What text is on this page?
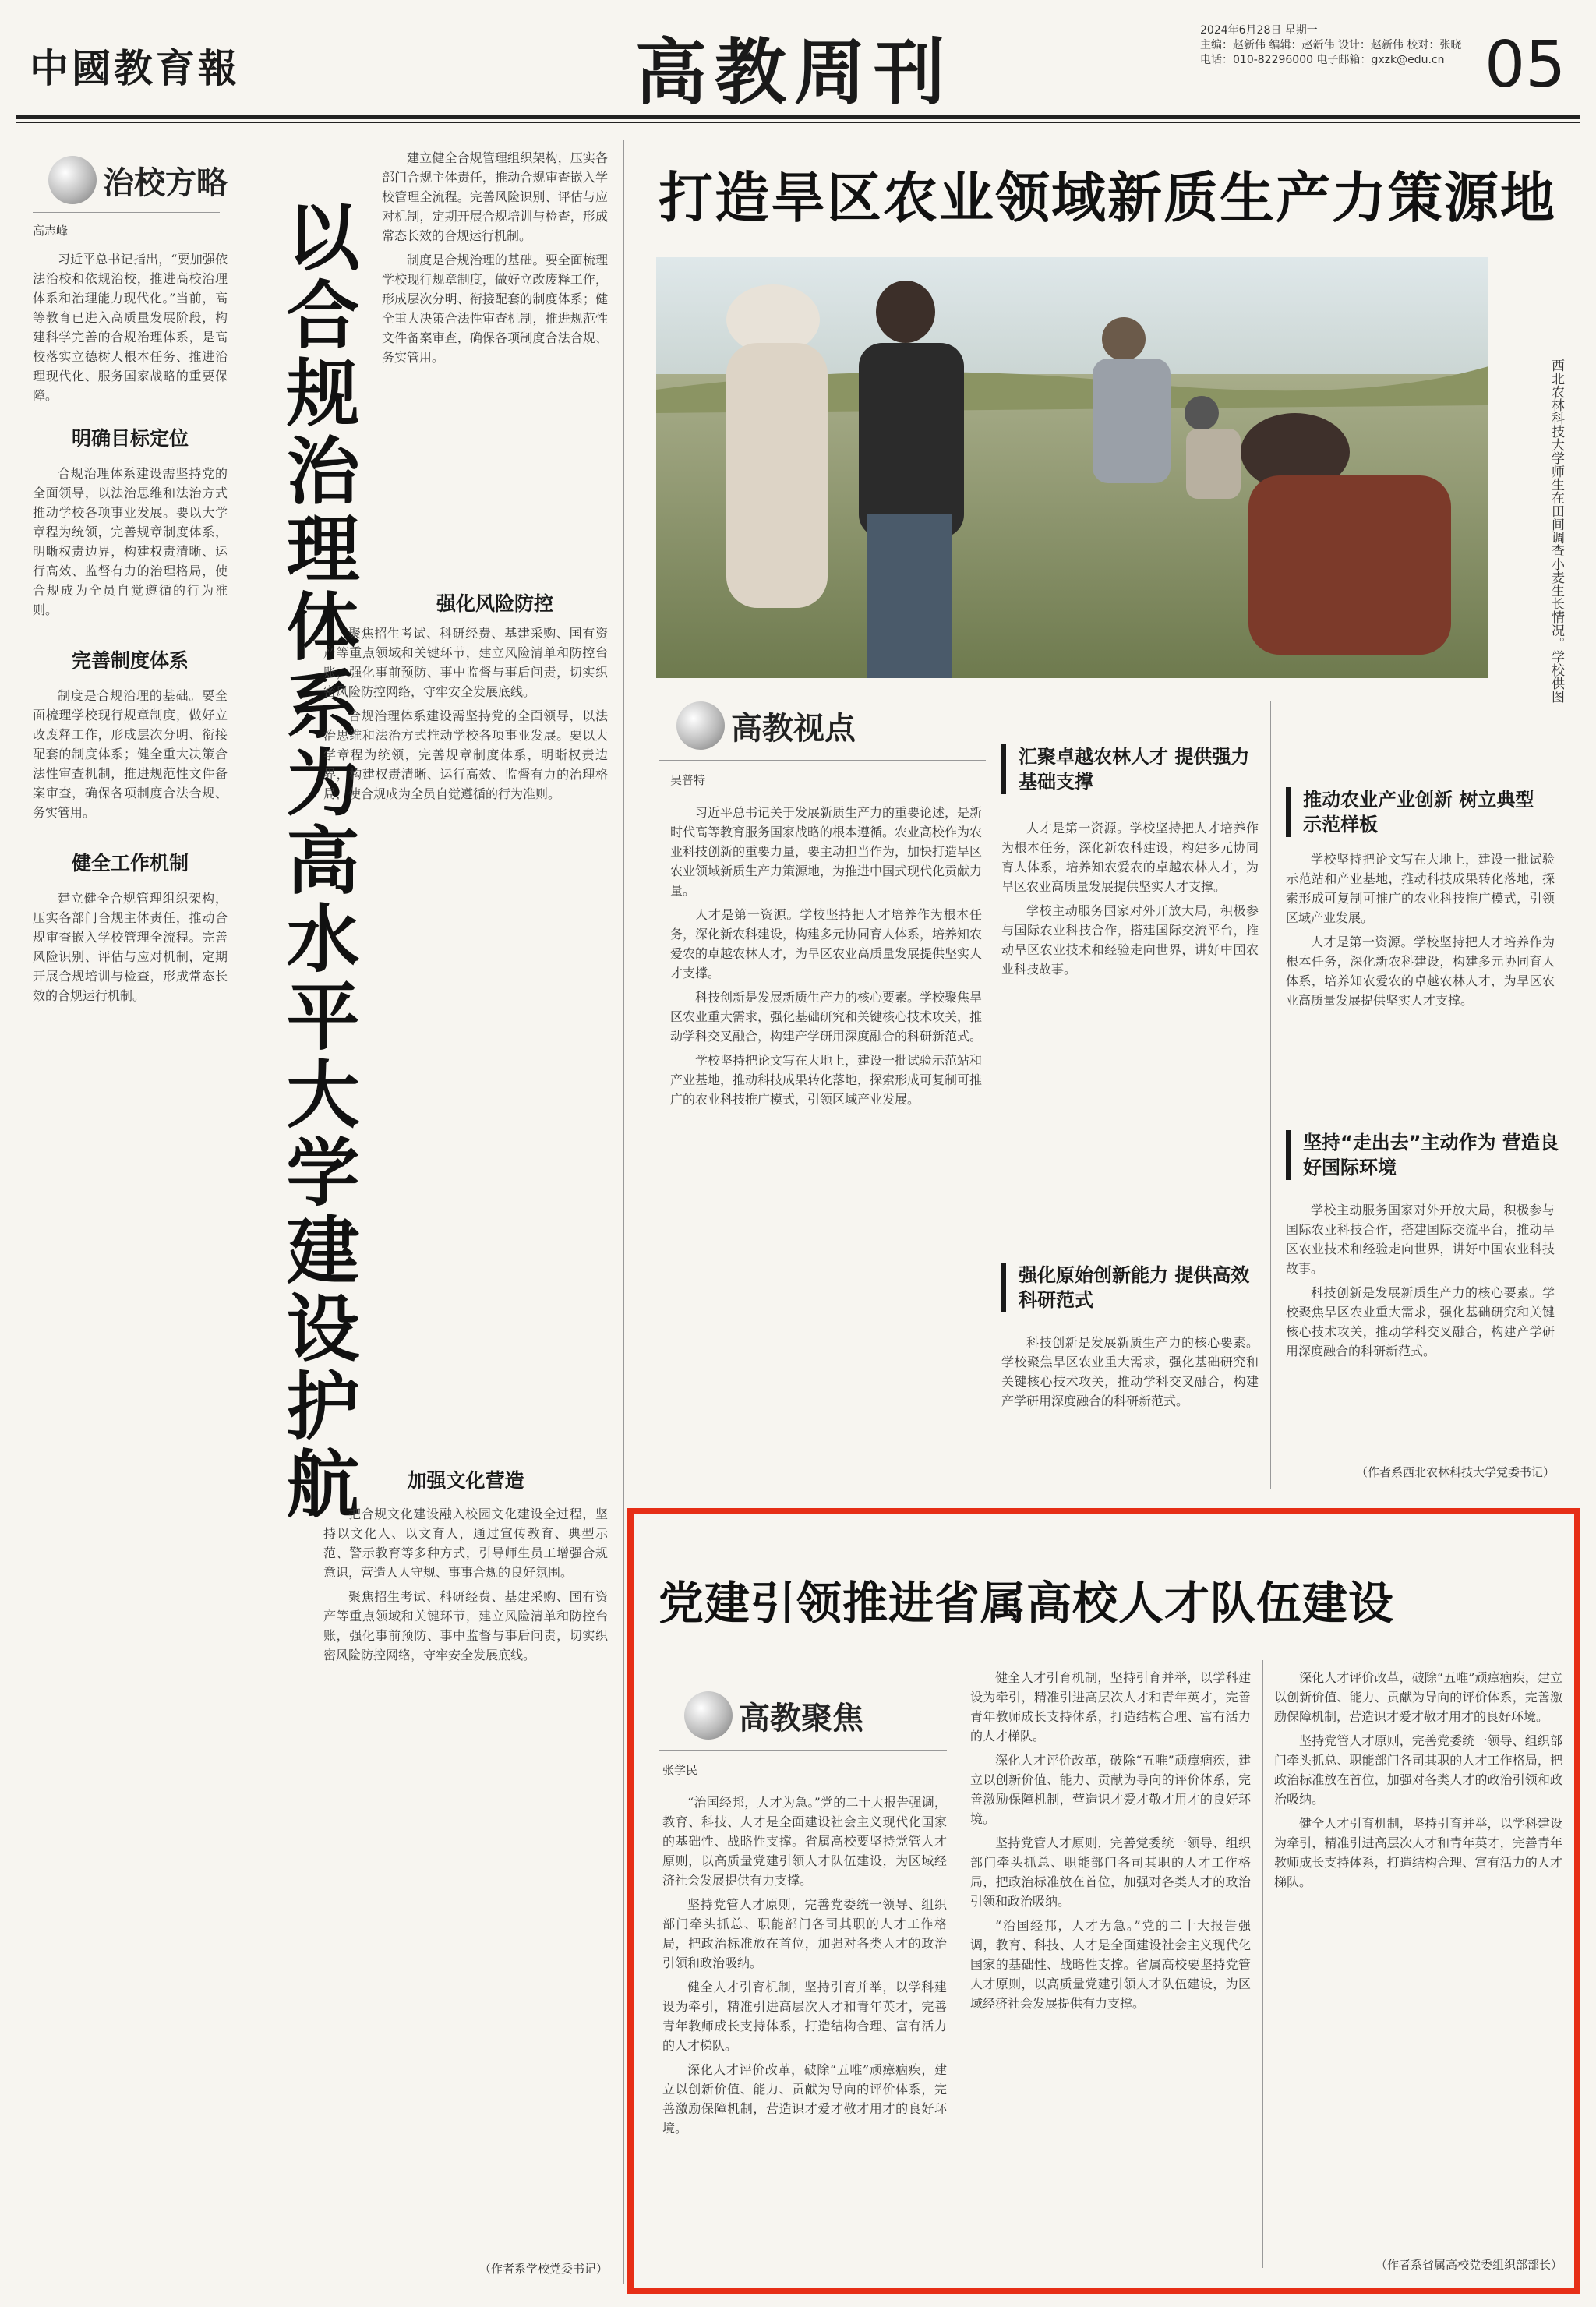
中國教育報	高教周刊
2024年6月28日 星期一
主编：赵新伟 编辑：赵新伟 设计：赵新伟 校对：张晓
电话：010-82296000 电子邮箱：gxzk@edu.cn 05
治校方略
高志峰	以合规治理体系为高水平大学建设护航

习近平总书记指出，“要加强依法治校和依规治校，推进高校治理体系和治理能力现代化。”当前，高等教育已进入高质量发展阶段，构建科学完善的合规治理体系，是高校落实立德树人根本任务、推进治理现代化、服务国家战略的重要保障。

明确目标定位

合规治理体系建设需坚持党的全面领导，以法治思维和法治方式推动学校各项事业发展。要以大学章程为统领，完善规章制度体系，明晰权责边界，构建权责清晰、运行高效、监督有力的治理格局，使合规成为全员自觉遵循的行为准则。

完善制度体系

制度是合规治理的基础。要全面梳理学校现行规章制度，做好立改废释工作，形成层次分明、衔接配套的制度体系；健全重大决策合法性审查机制，推进规范性文件备案审查，确保各项制度合法合规、务实管用。

健全工作机制

建立健全合规管理组织架构，压实各部门合规主体责任，推动合规审查嵌入学校管理全流程。完善风险识别、评估与应对机制，定期开展合规培训与检查，形成常态长效的合规运行机制。

建立健全合规管理组织架构，压实各部门合规主体责任，推动合规审查嵌入学校管理全流程。完善风险识别、评估与应对机制，定期开展合规培训与检查，形成常态长效的合规运行机制。

制度是合规治理的基础。要全面梳理学校现行规章制度，做好立改废释工作，形成层次分明、衔接配套的制度体系；健全重大决策合法性审查机制，推进规范性文件备案审查，确保各项制度合法合规、务实管用。

强化风险防控

聚焦招生考试、科研经费、基建采购、国有资产等重点领域和关键环节，建立风险清单和防控台账，强化事前预防、事中监督与事后问责，切实织密风险防控网络，守牢安全发展底线。

合规治理体系建设需坚持党的全面领导，以法治思维和法治方式推动学校各项事业发展。要以大学章程为统领，完善规章制度体系，明晰权责边界，构建权责清晰、运行高效、监督有力的治理格局，使合规成为全员自觉遵循的行为准则。

加强文化营造

把合规文化建设融入校园文化建设全过程，坚持以文化人、以文育人，通过宣传教育、典型示范、警示教育等多种方式，引导师生员工增强合规意识，营造人人守规、事事合规的良好氛围。

聚焦招生考试、科研经费、基建采购、国有资产等重点领域和关键环节，建立风险清单和防控台账，强化事前预防、事中监督与事后问责，切实织密风险防控网络，守牢安全发展底线。

（作者系学校党委书记）
打造旱区农业领域新质生产力策源地
西北农林科技大学师生在田间调查小麦生长情况。学校供图
高教视点
吴普特

习近平总书记关于发展新质生产力的重要论述，是新时代高等教育服务国家战略的根本遵循。农业高校作为农业科技创新的重要力量，要主动担当作为，加快打造旱区农业领域新质生产力策源地，为推进中国式现代化贡献力量。

人才是第一资源。学校坚持把人才培养作为根本任务，深化新农科建设，构建多元协同育人体系，培养知农爱农的卓越农林人才，为旱区农业高质量发展提供坚实人才支撑。

科技创新是发展新质生产力的核心要素。学校聚焦旱区农业重大需求，强化基础研究和关键核心技术攻关，推动学科交叉融合，构建产学研用深度融合的科研新范式。

学校坚持把论文写在大地上，建设一批试验示范站和产业基地，推动科技成果转化落地，探索形成可复制可推广的农业科技推广模式，引领区域产业发展。

汇聚卓越农林人才 提供强力基础支撑

人才是第一资源。学校坚持把人才培养作为根本任务，深化新农科建设，构建多元协同育人体系，培养知农爱农的卓越农林人才，为旱区农业高质量发展提供坚实人才支撑。

学校主动服务国家对外开放大局，积极参与国际农业科技合作，搭建国际交流平台，推动旱区农业技术和经验走向世界，讲好中国农业科技故事。

强化原始创新能力 提供高效科研范式

科技创新是发展新质生产力的核心要素。学校聚焦旱区农业重大需求，强化基础研究和关键核心技术攻关，推动学科交叉融合，构建产学研用深度融合的科研新范式。

推动农业产业创新 树立典型示范样板

学校坚持把论文写在大地上，建设一批试验示范站和产业基地，推动科技成果转化落地，探索形成可复制可推广的农业科技推广模式，引领区域产业发展。

人才是第一资源。学校坚持把人才培养作为根本任务，深化新农科建设，构建多元协同育人体系，培养知农爱农的卓越农林人才，为旱区农业高质量发展提供坚实人才支撑。

坚持“走出去”主动作为 营造良好国际环境

学校主动服务国家对外开放大局，积极参与国际农业科技合作，搭建国际交流平台，推动旱区农业技术和经验走向世界，讲好中国农业科技故事。

科技创新是发展新质生产力的核心要素。学校聚焦旱区农业重大需求，强化基础研究和关键核心技术攻关，推动学科交叉融合，构建产学研用深度融合的科研新范式。

（作者系西北农林科技大学党委书记）
党建引领推进省属高校人才队伍建设
高教聚焦
张学民

“治国经邦，人才为急。”党的二十大报告强调，教育、科技、人才是全面建设社会主义现代化国家的基础性、战略性支撑。省属高校要坚持党管人才原则，以高质量党建引领人才队伍建设，为区域经济社会发展提供有力支撑。

坚持党管人才原则，完善党委统一领导、组织部门牵头抓总、职能部门各司其职的人才工作格局，把政治标准放在首位，加强对各类人才的政治引领和政治吸纳。

健全人才引育机制，坚持引育并举，以学科建设为牵引，精准引进高层次人才和青年英才，完善青年教师成长支持体系，打造结构合理、富有活力的人才梯队。

深化人才评价改革，破除“五唯”顽瘴痼疾，建立以创新价值、能力、贡献为导向的评价体系，完善激励保障机制，营造识才爱才敬才用才的良好环境。

健全人才引育机制，坚持引育并举，以学科建设为牵引，精准引进高层次人才和青年英才，完善青年教师成长支持体系，打造结构合理、富有活力的人才梯队。

深化人才评价改革，破除“五唯”顽瘴痼疾，建立以创新价值、能力、贡献为导向的评价体系，完善激励保障机制，营造识才爱才敬才用才的良好环境。

坚持党管人才原则，完善党委统一领导、组织部门牵头抓总、职能部门各司其职的人才工作格局，把政治标准放在首位，加强对各类人才的政治引领和政治吸纳。

“治国经邦，人才为急。”党的二十大报告强调，教育、科技、人才是全面建设社会主义现代化国家的基础性、战略性支撑。省属高校要坚持党管人才原则，以高质量党建引领人才队伍建设，为区域经济社会发展提供有力支撑。

深化人才评价改革，破除“五唯”顽瘴痼疾，建立以创新价值、能力、贡献为导向的评价体系，完善激励保障机制，营造识才爱才敬才用才的良好环境。

坚持党管人才原则，完善党委统一领导、组织部门牵头抓总、职能部门各司其职的人才工作格局，把政治标准放在首位，加强对各类人才的政治引领和政治吸纳。

健全人才引育机制，坚持引育并举，以学科建设为牵引，精准引进高层次人才和青年英才，完善青年教师成长支持体系，打造结构合理、富有活力的人才梯队。

（作者系省属高校党委组织部部长）
